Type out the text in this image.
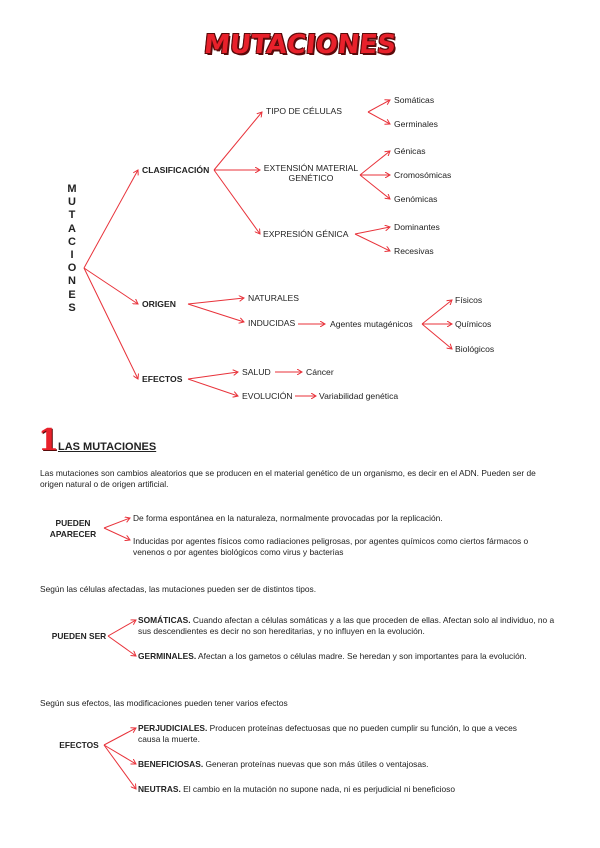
MUTACIONES
M
U
T
A
C
I
O
N
E
S
CLASIFICACIÓN
ORIGEN
EFECTOS
TIPO DE CÉLULAS
EXTENSIÓN MATERIAL
GENÉTICO
EXPRESIÓN GÉNICA
Somáticas
Germinales
Génicas
Cromosómicas
Genómicas
Dominantes
Recesivas
NATURALES
INDUCIDAS	Agentes mutagénicos
Físicos
Químicos
Biológicos
SALUD	Cáncer
EVOLUCIÓN	Variabilidad genética
1 LAS MUTACIONES
Las mutaciones son cambios aleatorios que se producen en el material genético de un organismo, es decir en el ADN. Pueden ser de origen natural o de origen artificial.
PUEDEN
APARECER
De forma espontánea en la naturaleza, normalmente provocadas por la replicación.
Inducidas por agentes físicos como radiaciones peligrosas, por agentes químicos como ciertos fármacos o venenos o por agentes biológicos como virus y bacterias
Según las células afectadas, las mutaciones pueden ser de distintos tipos.
PUEDEN SER
SOMÁTICAS. Cuando afectan a células somáticas y a las que proceden de ellas. Afectan solo al individuo, no a sus descendientes es decir no son hereditarias, y no influyen en la evolución.
GERMINALES. Afectan a los gametos o células madre. Se heredan y son importantes para la evolución.
Según sus efectos, las modificaciones pueden tener varios efectos
EFECTOS
PERJUDICIALES. Producen proteínas defectuosas que no pueden cumplir su función, lo que a veces causa la muerte.
BENEFICIOSAS. Generan proteínas nuevas que son más útiles o ventajosas.
NEUTRAS. El cambio en la mutación no supone nada, ni es perjudicial ni beneficioso
